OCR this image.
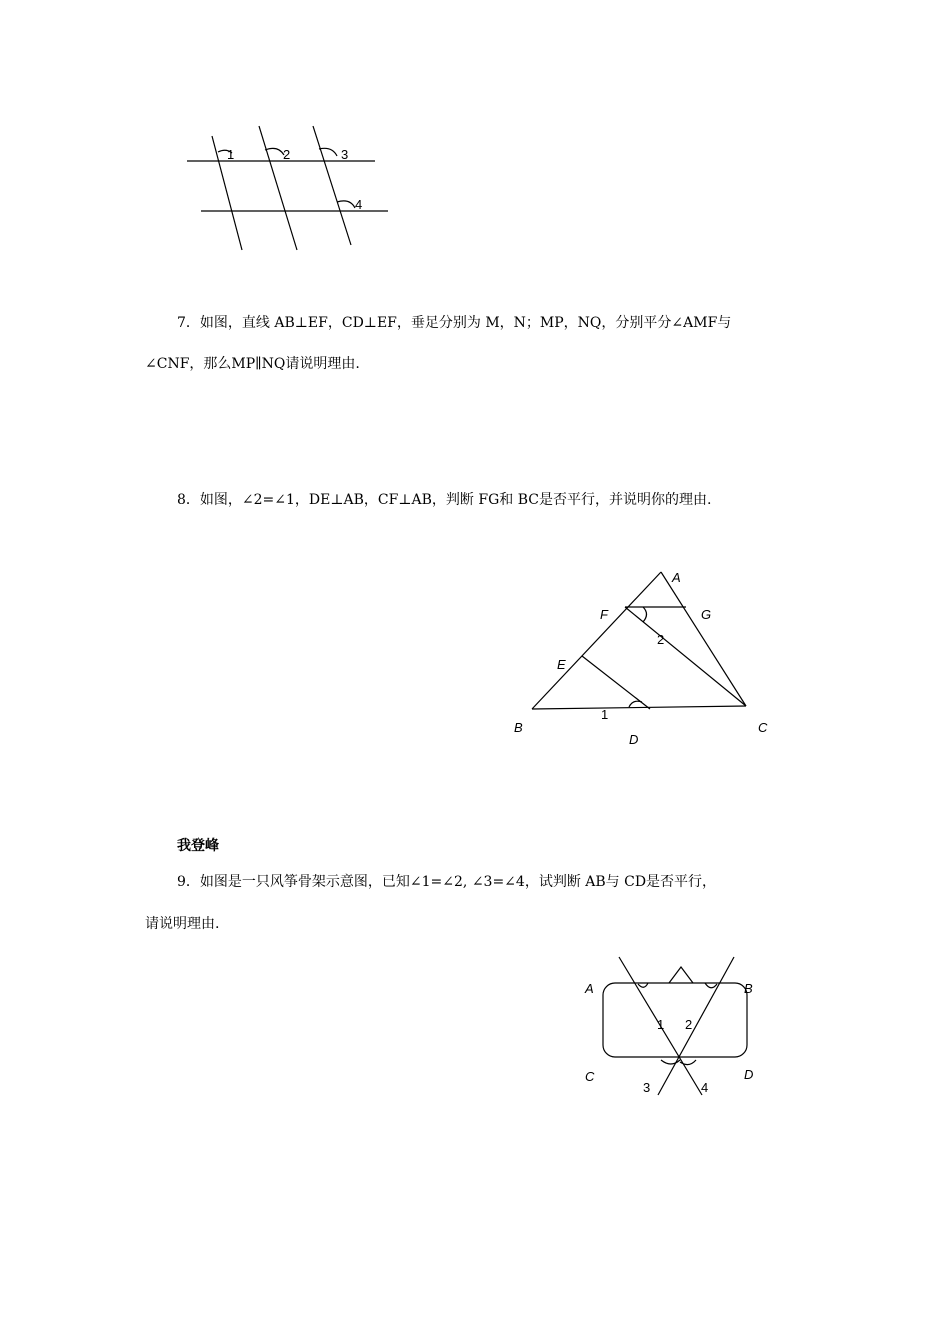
1	2	3
4
7．如图，直线 AB⊥EF，CD⊥EF，垂足分别为 M，N；MP，NQ，分别平分∠AMF与
∠CNF，那么MP∥NQ请说明理由.
8．如图，∠2=∠1，DE⊥AB，CF⊥AB，判断 FG和 BC是否平行，并说明你的理由.
A
F	G
E
2
1
B	C
D
我登峰
9．如图是一只风筝骨架示意图，已知∠1=∠2, ∠3=∠4，试判断 AB与 CD是否平行，
请说明理由.
A	B
1 2
C	D
3	4
